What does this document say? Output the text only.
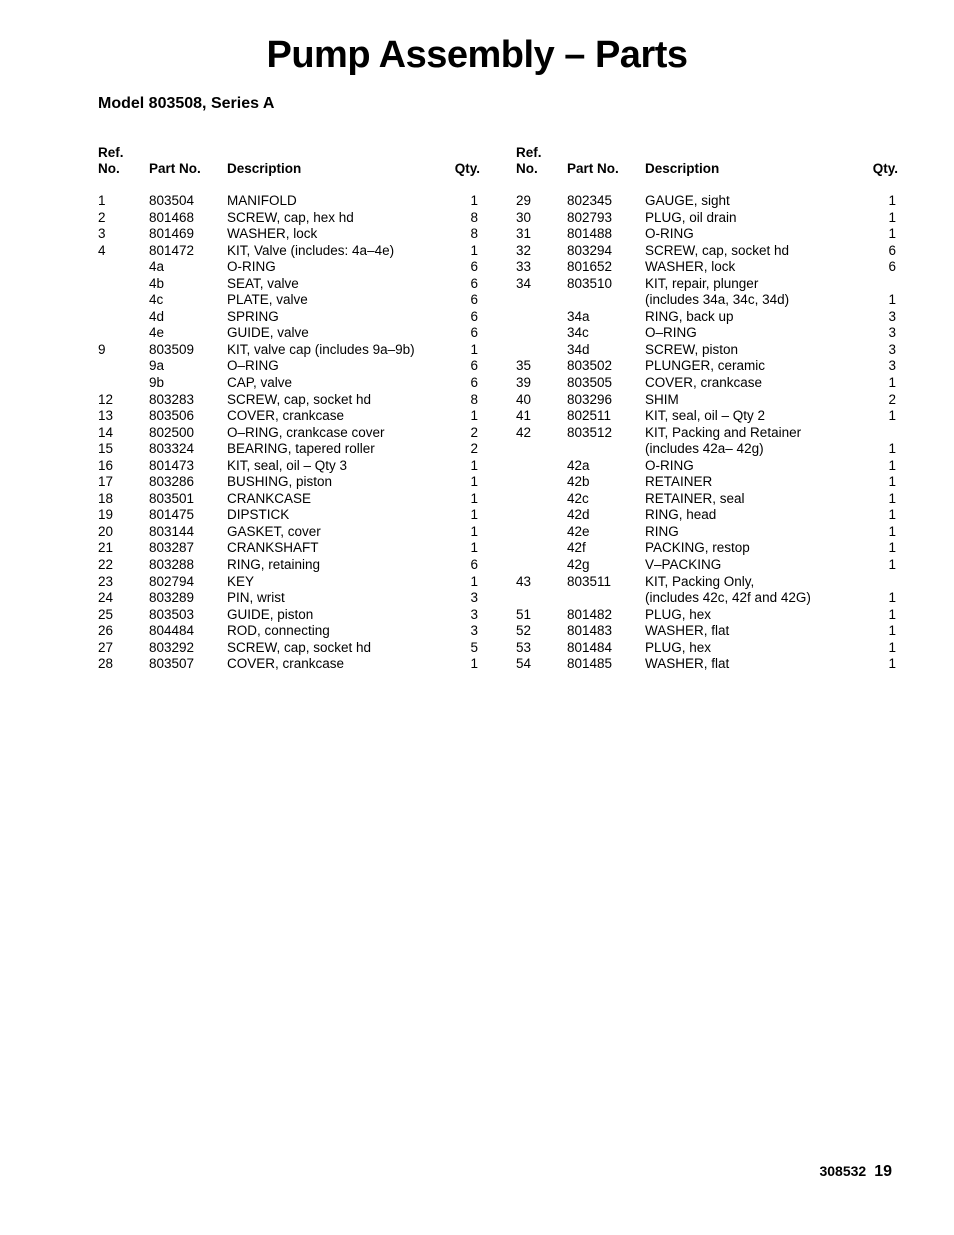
Pump Assembly – Parts
Model 803508, Series A
Ref.
No. Part No. Description	Qty.
1	803504 MANIFOLD	1
2	801468 SCREW, cap, hex hd	8
3	801469 WASHER, lock	8
4	801472 KIT, Valve (includes: 4a–4e)	1
4a	O-RING	6
4b	SEAT, valve	6
4c	PLATE, valve	6
4d	SPRING	6
4e	GUIDE, valve	6
9	803509 KIT, valve cap (includes 9a–9b)	1
9a	O–RING	6
9b	CAP, valve	6
12	803283 SCREW, cap, socket hd	8
13	803506 COVER, crankcase	1
14	802500 O–RING, crankcase cover	2
15	803324 BEARING, tapered roller	2
16	801473 KIT, seal, oil – Qty 3	1
17	803286 BUSHING, piston	1
18	803501 CRANKCASE	1
19	801475 DIPSTICK	1
20	803144 GASKET, cover	1
21	803287 CRANKSHAFT	1
22	803288 RING, retaining	6
23	802794 KEY	1
24	803289 PIN, wrist	3
25	803503 GUIDE, piston	3
26	804484 ROD, connecting	3
27	803292 SCREW, cap, socket hd	5
28	803507 COVER, crankcase	1
Ref.
No. Part No. Description	Qty.
29	802345 GAUGE, sight	1
30	802793 PLUG, oil drain	1
31	801488 O-RING	1
32	803294 SCREW, cap, socket hd	6
33	801652 WASHER, lock	6
34	803510 KIT, repair, plunger
(includes 34a, 34c, 34d)	1
34a	RING, back up	3
34c	O–RING	3
34d	SCREW, piston	3
35	803502 PLUNGER, ceramic	3
39	803505 COVER, crankcase	1
40	803296 SHIM	2
41	802511	KIT, seal, oil – Qty 2	1
42	803512 KIT, Packing and Retainer
(includes 42a– 42g)	1
42a	O-RING	1
42b	RETAINER	1
42c	RETAINER, seal	1
42d	RING, head	1
42e	RING	1
42f	PACKING, restop	1
42g	V–PACKING	1
43	803511	KIT, Packing Only,
(includes 42c, 42f and 42G)	1
51	801482 PLUG, hex	1
52	801483 WASHER, flat	1
53	801484 PLUG, hex	1
54	801485 WASHER, flat	1
308532 19
